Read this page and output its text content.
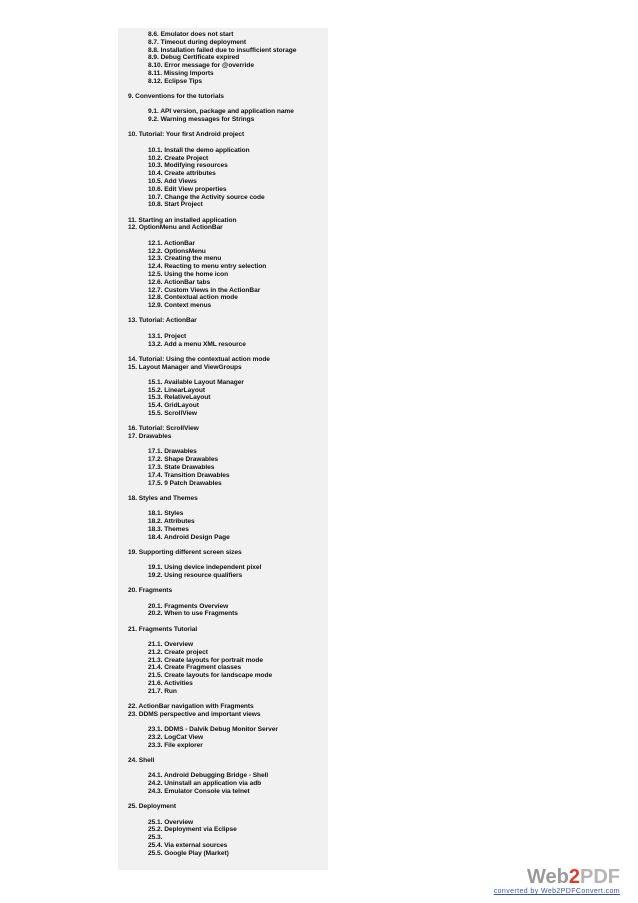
8.6. Emulator does not start
8.7. Timeout during deployment
8.8. Installation failed due to insufficient storage
8.9. Debug Certificate expired
8.10. Error message for @override
8.11. Missing Imports
8.12. Eclipse Tips
9. Conventions for the tutorials
9.1. API version, package and application name
9.2. Warning messages for Strings
10. Tutorial: Your first Android project
10.1. Install the demo application
10.2. Create Project
10.3. Modifying resources
10.4. Create attributes
10.5. Add Views
10.6. Edit View properties
10.7. Change the Activity source code
10.8. Start Project
11. Starting an installed application
12. OptionMenu and ActionBar
12.1. ActionBar
12.2. OptionsMenu
12.3. Creating the menu
12.4. Reacting to menu entry selection
12.5. Using the home icon
12.6. ActionBar tabs
12.7. Custom Views in the ActionBar
12.8. Contextual action mode
12.9. Context menus
13. Tutorial: ActionBar
13.1. Project
13.2. Add a menu XML resource
14. Tutorial: Using the contextual action mode
15. Layout Manager and ViewGroups
15.1. Available Layout Manager
15.2. LinearLayout
15.3. RelativeLayout
15.4. GridLayout
15.5. ScrollView
16. Tutorial: ScrollView
17. Drawables
17.1. Drawables
17.2. Shape Drawables
17.3. State Drawables
17.4. Transition Drawables
17.5. 9 Patch Drawables
18. Styles and Themes
18.1. Styles
18.2. Attributes
18.3. Themes
18.4. Android Design Page
19. Supporting different screen sizes
19.1. Using device independent pixel
19.2. Using resource qualifiers
20. Fragments
20.1. Fragments Overview
20.2. When to use Fragments
21. Fragments Tutorial
21.1. Overview
21.2. Create project
21.3. Create layouts for portrait mode
21.4. Create Fragment classes
21.5. Create layouts for landscape mode
21.6. Activities
21.7. Run
22. ActionBar navigation with Fragments
23. DDMS perspective and important views
23.1. DDMS - Dalvik Debug Monitor Server
23.2. LogCat View
23.3. File explorer
24. Shell
24.1. Android Debugging Bridge - Shell
24.2. Uninstall an application via adb
24.3. Emulator Console via telnet
25. Deployment
25.1. Overview
25.2. Deployment via Eclipse
25.3.
25.4. Via external sources
25.5. Google Play (Market)
Web2PDF
converted by Web2PDFConvert.com
